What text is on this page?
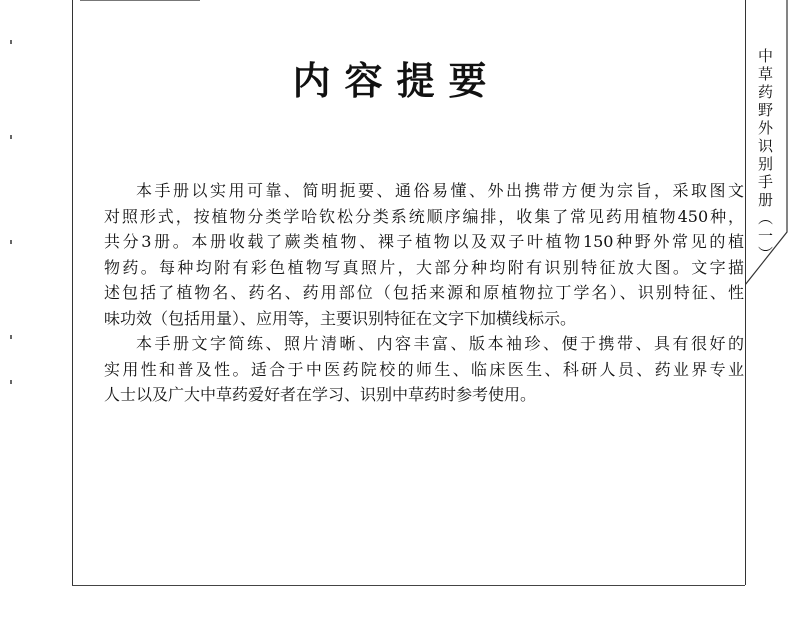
中草药野外识别手册（一）
内容提要
本手册以实用可靠、简明扼要、通俗易懂、外出携带方便为宗旨，采取图文
对照形式，按植物分类学哈钦松分类系统顺序编排，收集了常见药用植物450种，
共分3册。本册收载了蕨类植物、裸子植物以及双子叶植物150种野外常见的植
物药。每种均附有彩色植物写真照片，大部分种均附有识别特征放大图。文字描
述包括了植物名、药名、药用部位（包括来源和原植物拉丁学名）、识别特征、性
味功效（包括用量）、应用等，主要识别特征在文字下加横线标示。
本手册文字简练、照片清晰、内容丰富、版本袖珍、便于携带、具有很好的
实用性和普及性。适合于中医药院校的师生、临床医生、科研人员、药业界专业
人士以及广大中草药爱好者在学习、识别中草药时参考使用。
